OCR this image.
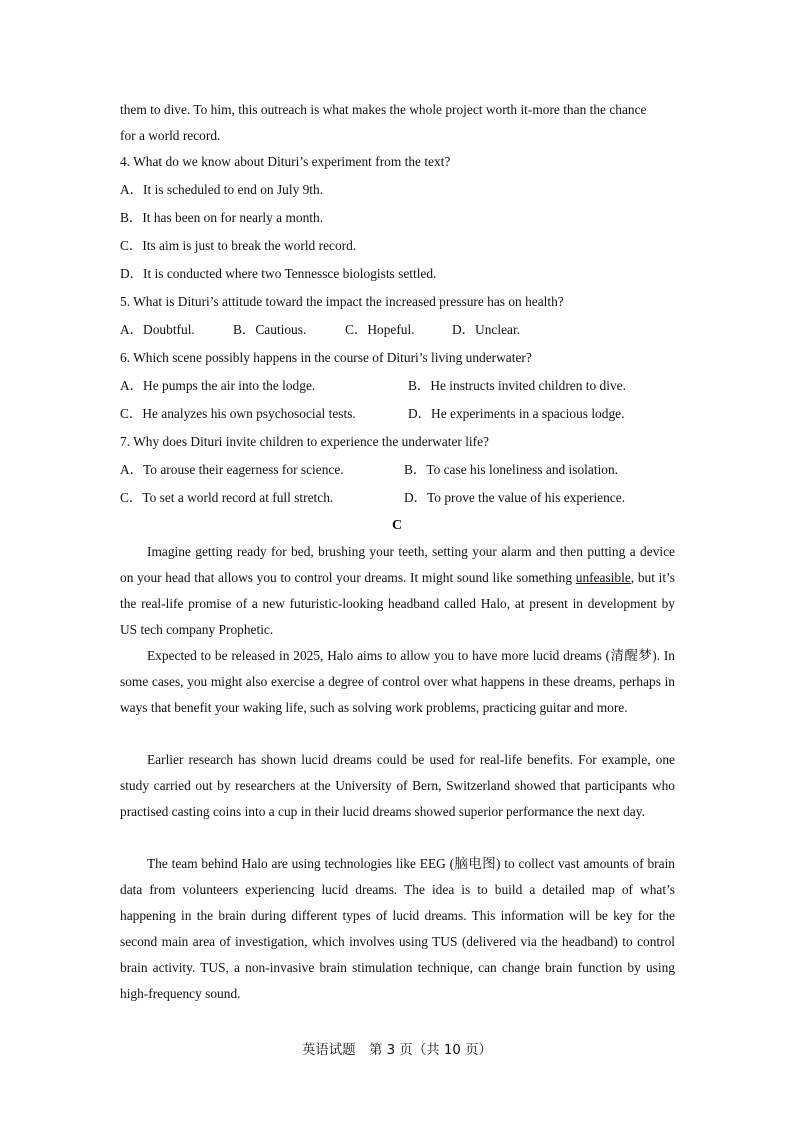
them to dive. To him, this outreach is what makes the whole project worth it-more than the chance
for a world record.
4. What do we know about Dituri’s experiment from the text?
A．It is scheduled to end on July 9th.
B．It has been on for nearly a month.
C．Its aim is just to break the world record.
D．It is conducted where two Tennessce biologists settled.
5. What is Dituri’s attitude toward the impact the increased pressure has on health?
A．Doubtful.	B．Cautious.	C．Hopeful.	D．Unclear.
6. Which scene possibly happens in the course of Dituri’s living underwater?
A．He pumps the air into the lodge.	B．He instructs invited children to dive.
C．He analyzes his own psychosocial tests.	D．He experiments in a spacious lodge.
7. Why does Dituri invite children to experience the underwater life?
A．To arouse their eagerness for science.	B．To case his loneliness and isolation.
C．To set a world record at full stretch.	D．To prove the value of his experience.
C

Imagine getting ready for bed, brushing your teeth, setting your alarm and then putting a device on your head that allows you to control your dreams. It might sound like something unfeasible, but it’s the real-life promise of a new futuristic-looking headband called Halo, at present in development by US tech company Prophetic.

Expected to be released in 2025, Halo aims to allow you to have more lucid dreams (清醒梦). In some cases, you might also exercise a degree of control over what happens in these dreams, perhaps in ways that benefit your waking life, such as solving work problems, practicing guitar and more.

Earlier research has shown lucid dreams could be used for real-life benefits. For example, one study carried out by researchers at the University of Bern, Switzerland showed that participants who practised casting coins into a cup in their lucid dreams showed superior performance the next day.

The team behind Halo are using technologies like EEG (脑电图) to collect vast amounts of brain data from volunteers experiencing lucid dreams. The idea is to build a detailed map of what’s happening in the brain during different types of lucid dreams. This information will be key for the second main area of investigation, which involves using TUS (delivered via the headband) to control brain activity. TUS, a non-invasive brain stimulation technique, can change brain function by using high-frequency sound.

英语试题　第 3 页（共 10 页）
